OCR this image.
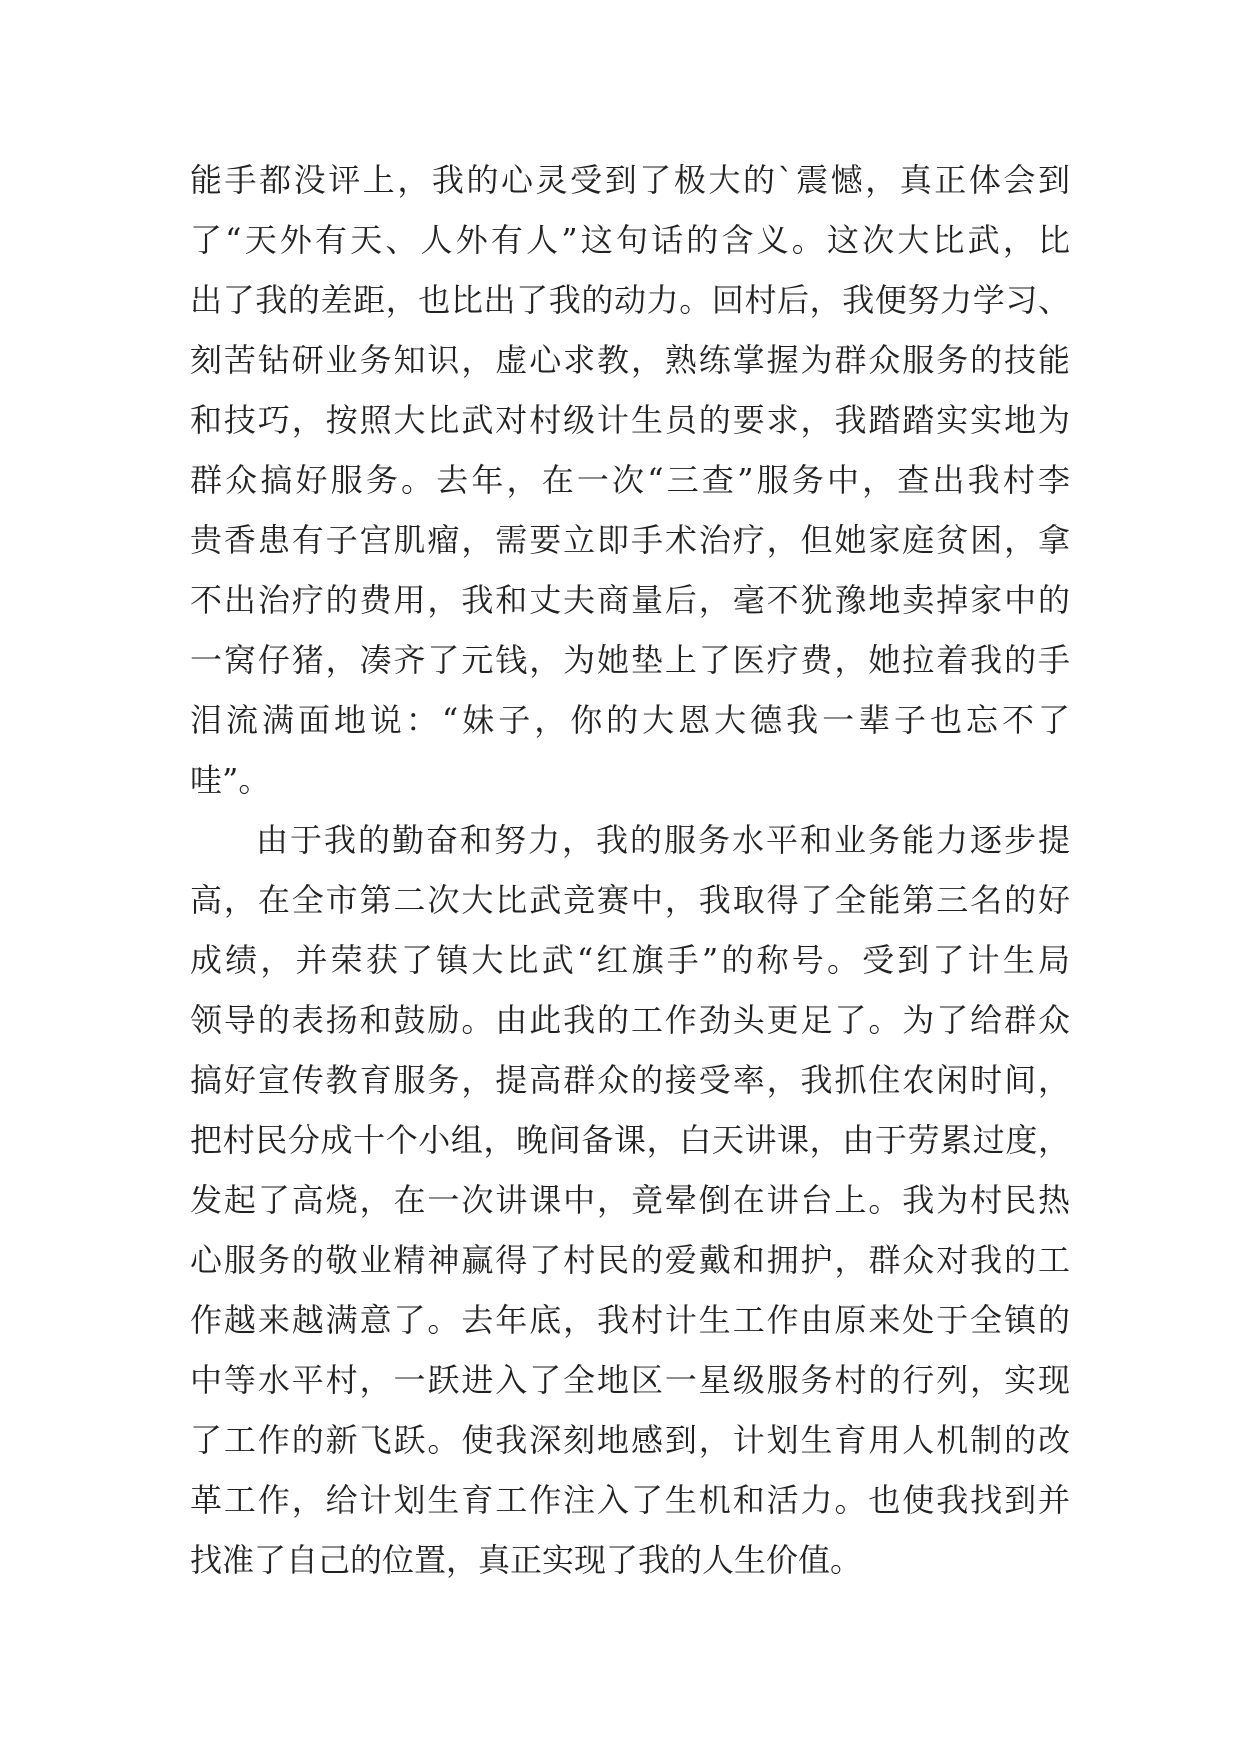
能手都没评上，我的心灵受到了极大的`震憾，真正体会到
了“天外有天、人外有人”这句话的含义。这次大比武，比
出了我的差距，也比出了我的动力。回村后，我便努力学习、
刻苦钻研业务知识，虚心求教，熟练掌握为群众服务的技能
和技巧，按照大比武对村级计生员的要求，我踏踏实实地为
群众搞好服务。去年，在一次“三查”服务中，查出我村李
贵香患有子宫肌瘤，需要立即手术治疗，但她家庭贫困，拿
不出治疗的费用，我和丈夫商量后，毫不犹豫地卖掉家中的
一窝仔猪，凑齐了元钱，为她垫上了医疗费，她拉着我的手
泪流满面地说：“妹子，你的大恩大德我一辈子也忘不了
哇”。
由于我的勤奋和努力，我的服务水平和业务能力逐步提
高，在全市第二次大比武竞赛中，我取得了全能第三名的好
成绩，并荣获了镇大比武“红旗手”的称号。受到了计生局
领导的表扬和鼓励。由此我的工作劲头更足了。为了给群众
搞好宣传教育服务，提高群众的接受率，我抓住农闲时间，
把村民分成十个小组，晚间备课，白天讲课，由于劳累过度，
发起了高烧，在一次讲课中，竟晕倒在讲台上。我为村民热
心服务的敬业精神赢得了村民的爱戴和拥护，群众对我的工
作越来越满意了。去年底，我村计生工作由原来处于全镇的
中等水平村，一跃进入了全地区一星级服务村的行列，实现
了工作的新飞跃。使我深刻地感到，计划生育用人机制的改
革工作，给计划生育工作注入了生机和活力。也使我找到并
找准了自己的位置，真正实现了我的人生价值。
